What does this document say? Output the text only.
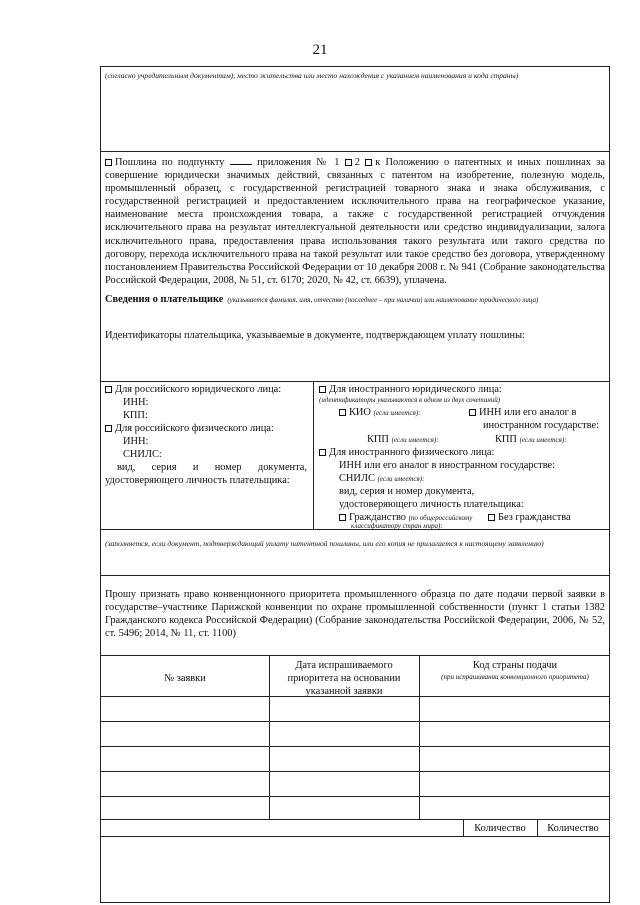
21
(согласно учредительным документам), место жительства или место нахождения с указанием наименования и кода страны)
Пошлина по подпункту	приложения № 1 2 к Положению о патентных и иных пошлинах за совершение юридически значимых действий, связанных с патентом на изобретение, полезную модель, промышленный образец, с государственной регистрацией товарного знака и знака обслуживания, с государственной регистрацией и предоставлением исключительного права на географическое указание, наименование места происхождения товара, а также с государственной регистрацией отчуждения исключительного права на результат интеллектуальной деятельности или средство индивидуализации, залога исключительного права, предоставления права использования такого результата или такого средства по договору, перехода исключительного права на такой результат или такое средство без договора, утвержденному постановлением Правительства Российской Федерации от 10 декабря 2008 г. № 941 (Собрание законодательства Российской Федерации, 2008, № 51, ст. 6170; 2020, № 42, ст. 6639), уплачена.
Сведения о плательщике (указывается фамилия, имя, отчество (последнее – при наличии) или наименование юридического лица)
Идентификаторы плательщика, указываемые в документе, подтверждающем уплату пошлины:
Для российского юридического лица:
ИНН:
КПП:
Для российского физического лица:
ИНН:
СНИЛС:
вид, серия и номер документа,
удостоверяющего личность плательщика:
Для иностранного юридического лица:
(идентификаторы указываются в одном из двух сочетаний)
КИО (если имеется):	ИНН или его аналог в
иностранном государстве:
КПП (если имеется):	КПП (если имеется):
Для иностранного физического лица:
ИНН или его аналог в иностранном государстве:
СНИЛС (если имеется):
вид, серия и номер документа,
удостоверяющего личность плательщика:
Гражданство (по общероссийскому	Без гражданства
классификатору стран мира):
(заполняется, если документ, подтверждающий уплату патентной пошлины, или его копия не прилагается к настоящему заявлению)
Прошу признать право конвенционного приоритета промышленного образца по дате подачи первой заявки в государстве–участнике Парижской конвенции по охране промышленной собственности (пункт 1 статьи 1382 Гражданского кодекса Российской Федерации) (Собрание законодательства Российской Федерации, 2006, № 52, ст. 5496; 2014, № 11, ст. 1100)
№ заявки
Дата испрашиваемого приоритета на основании указанной заявки
Код страны подачи
(при испрашивании конвенционного приоритета)
Количество	Количество
